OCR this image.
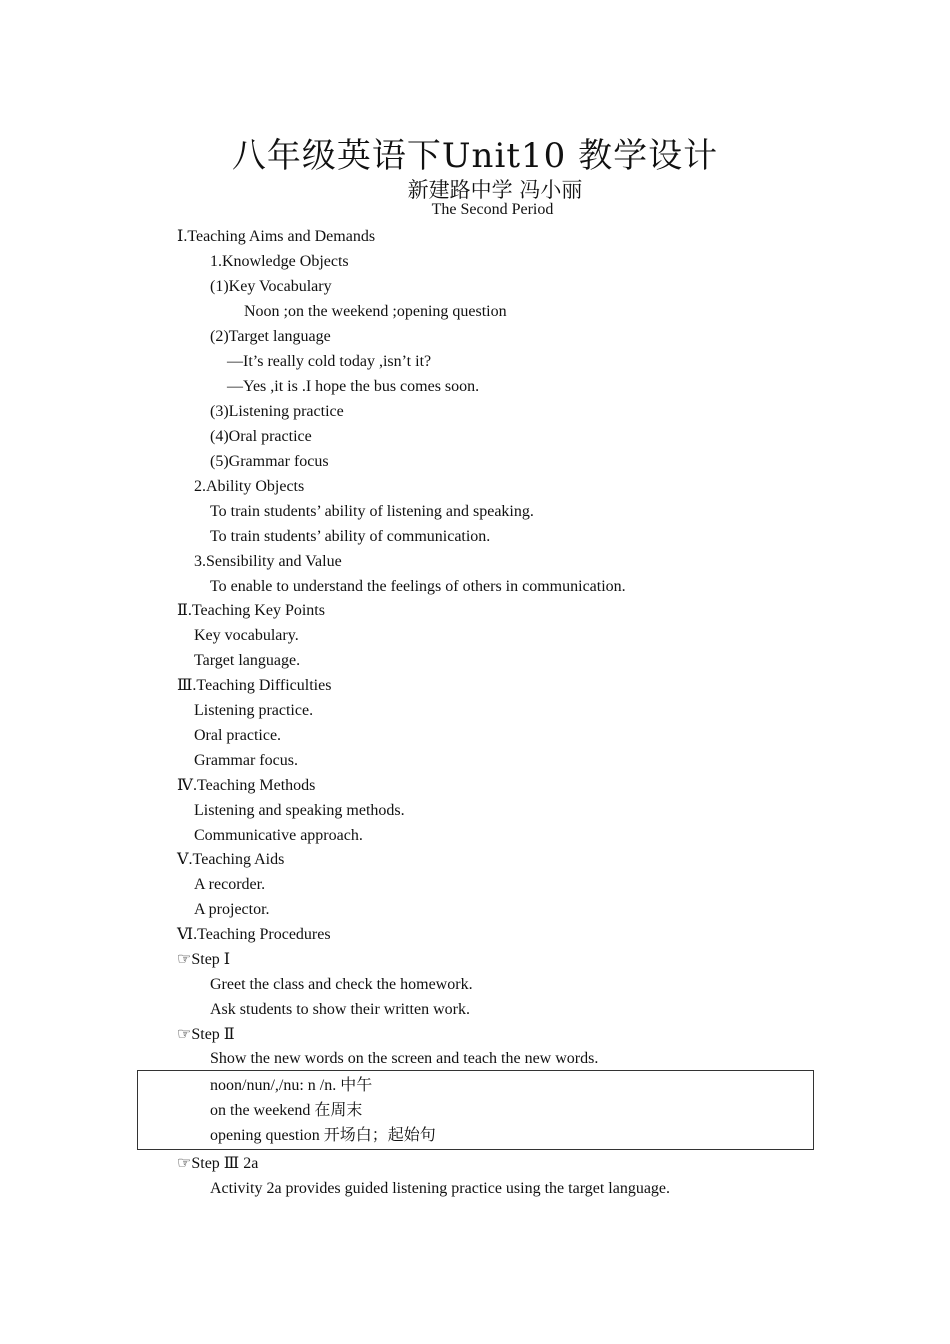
八年级英语下Unit10 教学设计
新建路中学 冯小丽
The Second Period
Ⅰ.Teaching Aims and Demands
1.Knowledge Objects
(1)Key Vocabulary
Noon ;on the weekend ;opening question
(2)Target language
—It’s really cold today ,isn’t it?
—Yes ,it is .I hope the bus comes soon.
(3)Listening practice
(4)Oral practice
(5)Grammar focus
2.Ability Objects
To train students’ ability of listening and speaking.
To train students’ ability of communication.
3.Sensibility and Value
To enable to understand the feelings of others in communication.
Ⅱ.Teaching Key Points
Key vocabulary.
Target language.
Ⅲ.Teaching Difficulties
Listening practice.
Oral practice.
Grammar focus.
Ⅳ.Teaching Methods
Listening and speaking methods.
Communicative approach.
Ⅴ.Teaching Aids
A recorder.
A projector.
Ⅵ.Teaching Procedures
☞Step Ⅰ
Greet the class and check the homework.
Ask students to show their written work.
☞Step Ⅱ
Show the new words on the screen and teach the new words.
noon/nun/,/nu: n /n. 中午
on the weekend 在周末
opening question 开场白；起始句
☞Step Ⅲ 2a
Activity 2a provides guided listening practice using the target language.
